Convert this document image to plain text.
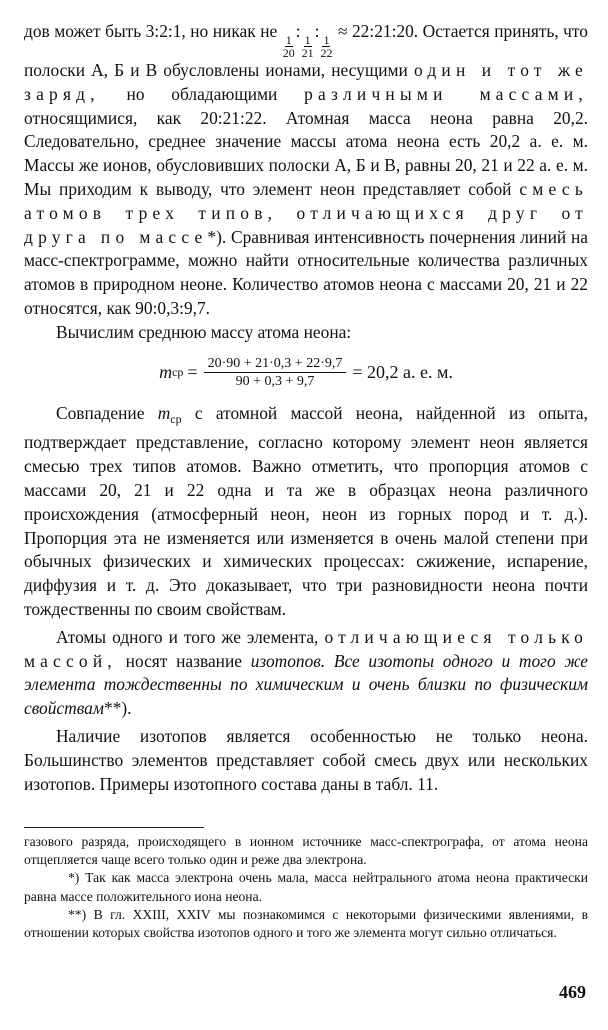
дов может быть 3:2:1, но никак не
$\frac{1}{20}$
:
$\frac{1}{21}$
:
$\frac{1}{22}$
≈ 22:21:20. Остается принять, что полоски А, Б и В обусловлены ионами, несущими один и тот же заряд, но обладающими различными массами, относящимися, как 20:21:22. Атомная масса неона равна 20,2. Следовательно, среднее значение массы атома неона есть 20,2 а. е. м. Массы же ионов, обусловивших полоски А, Б и В, равны 20, 21 и 22 а. е. м. Мы приходим к выводу, что элемент неон представляет собой смесь атомов трех типов, отличающихся друг от друга по массе*). Сравнивая интенсивность почернения линий на масс-спектрограмме, можно найти относительные количества различных атомов в природном неоне. Количество атомов неона с массами 20, 21 и 22 относятся, как 90:0,3:9,7.

Вычислим среднюю массу атома неона:

m ср = $\frac{20\cdot 90 + 21\cdot 0,3 + 22\cdot 9,7}{90 + 0,3 + 9,7} = 20,2$ а. е. м.

Совпадение $m_{ср}$ с атомной массой неона, найденной из опыта, подтверждает представление, согласно которому элемент неон является смесью трех типов атомов. Важно отметить, что пропорция атомов с массами 20, 21 и 22 одна и та же в образцах неона различного происхождения (атмосферный неон, неон из горных пород и т. д.). Пропорция эта не изменяется или изменяется в очень малой степени при обычных физических и химических процессах: сжижение, испарение, диффузия и т. д. Это доказывает, что три разновидности неона почти тождественны по своим свойствам.

Атомы одного и того же элемента, отличающиеся только массой, носят название изотопов. Все изотопы одного и того же элемента тождественны по химическим и очень близки по физическим свойствам**).

Наличие изотопов является особенностью не только неона. Большинство элементов представляет собой смесь двух или нескольких изотопов. Примеры изотопного состава даны в табл. 11.

газового разряда, происходящего в ионном источнике масс-спектрографа, от атома неона отщепляется чаще всего только один и реже два электрона.

*) Так как масса электрона очень мала, масса нейтрального атома неона практически равна массе положительного иона неона.

**) В гл. XXIII, XXIV мы познакомимся с некоторыми физическими явлениями, в отношении которых свойства изотопов одного и того же элемента могут сильно отличаться.

469
